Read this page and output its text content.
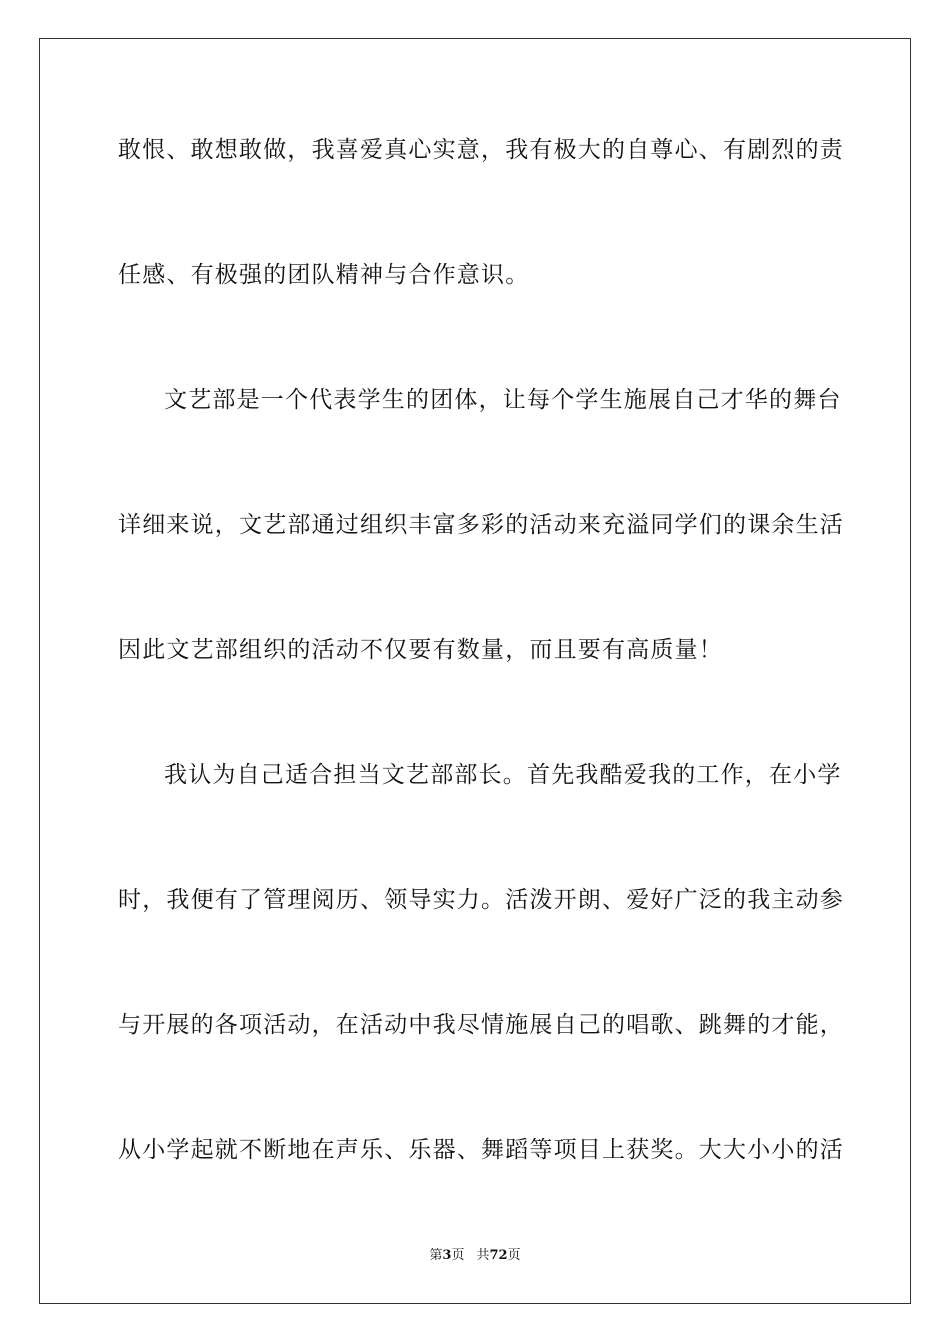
敢恨、敢想敢做，我喜爱真心实意，我有极大的自尊心、有剧烈的责
任感、有极强的团队精神与合作意识。
文艺部是一个代表学生的团体，让每个学生施展自己才华的舞台
详细来说，文艺部通过组织丰富多彩的活动来充溢同学们的课余生活
因此文艺部组织的活动不仅要有数量，而且要有高质量！
我认为自己适合担当文艺部部长。首先我酷爱我的工作，在小学
时，我便有了管理阅历、领导实力。活泼开朗、爱好广泛的我主动参
与开展的各项活动，在活动中我尽情施展自己的唱歌、跳舞的才能，
从小学起就不断地在声乐、乐器、舞蹈等项目上获奖。大大小小的活
第3页 共72页
